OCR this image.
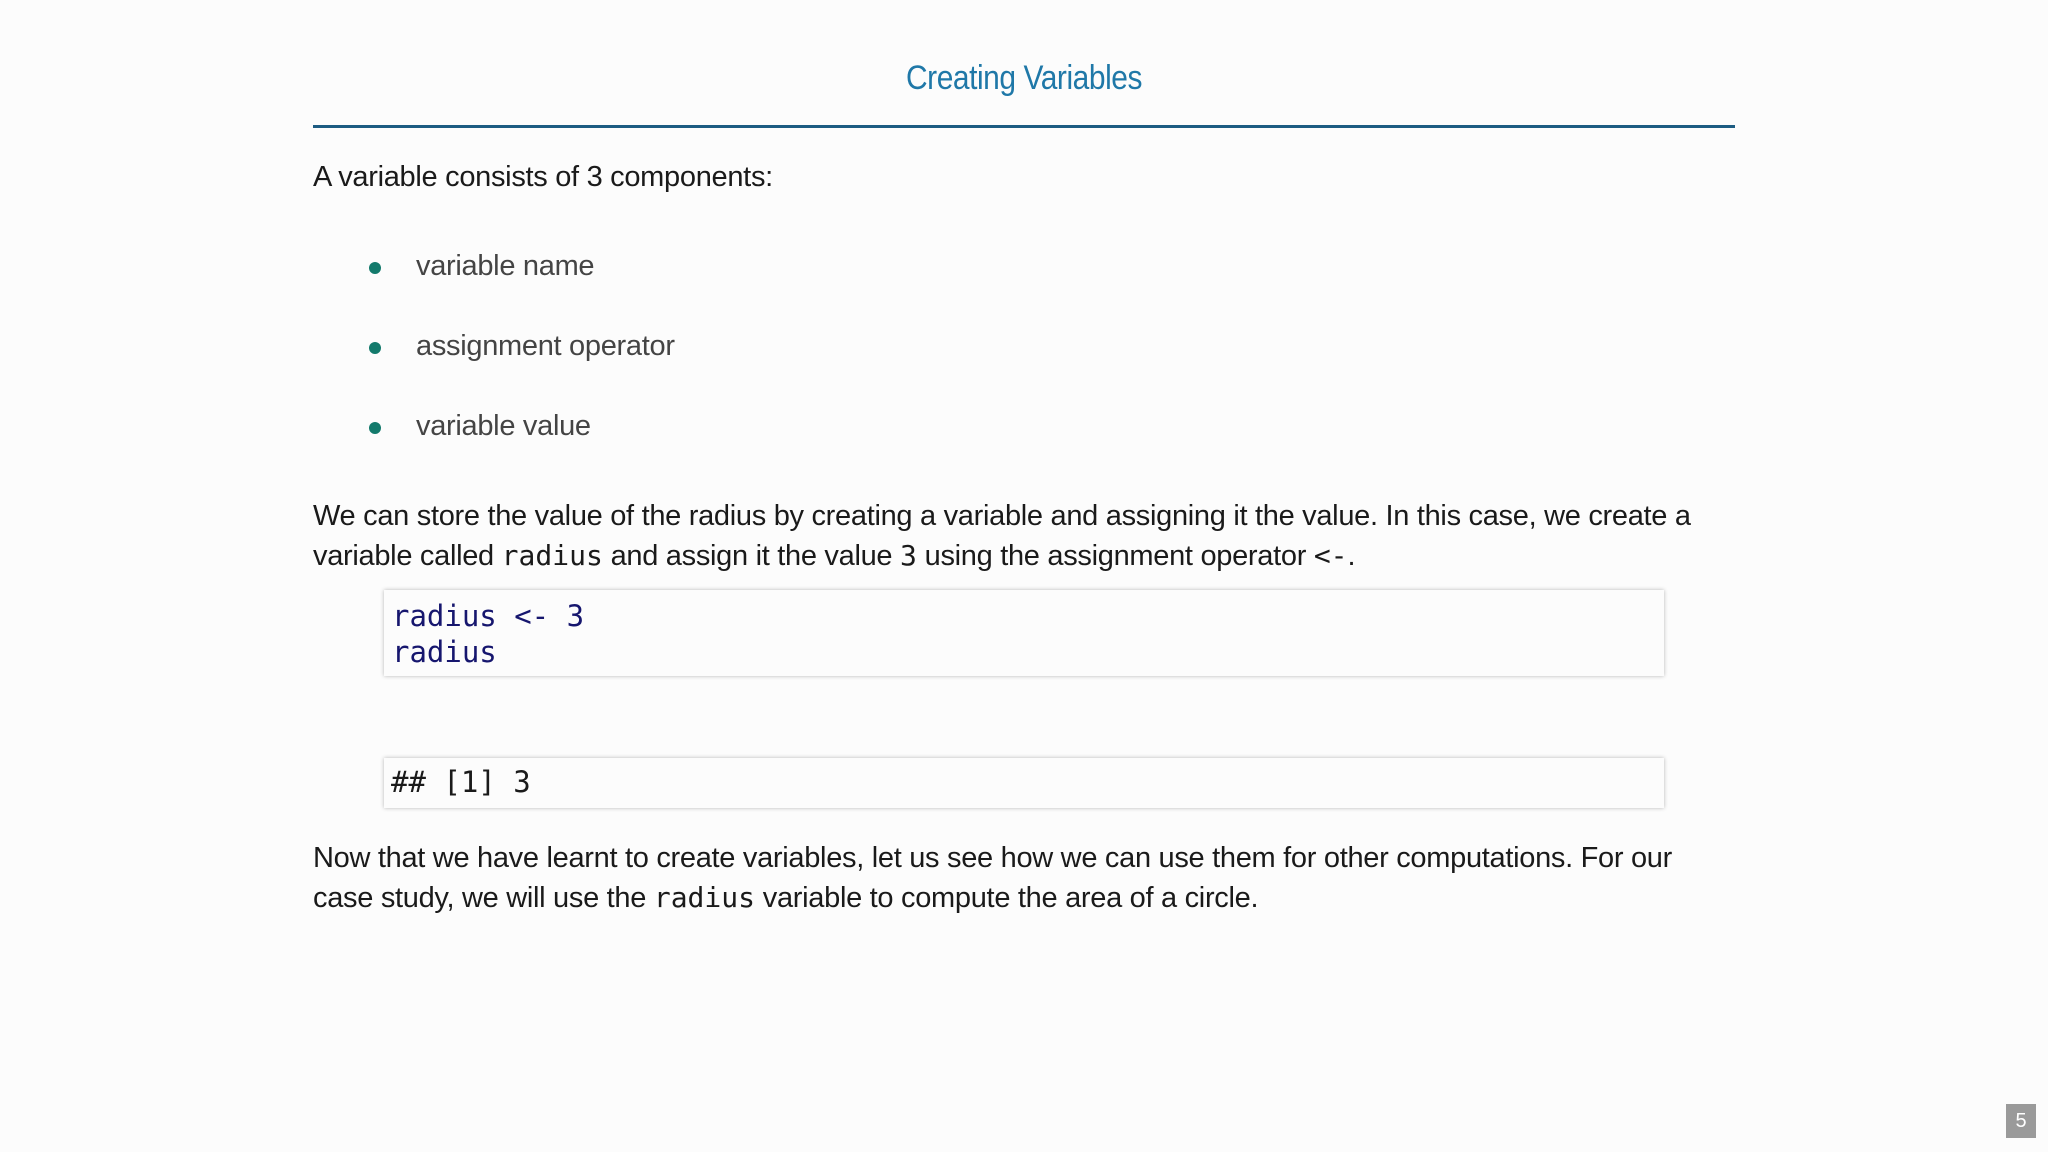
Creating Variables
A variable consists of 3 components:
variable name
assignment operator
variable value
We can store the value of the radius by creating a variable and assigning it the value. In this case, we create a variable called radius and assign it the value 3 using the assignment operator <-.
radius <- 3
radius
## [1] 3
Now that we have learnt to create variables, let us see how we can use them for other computations. For our case study, we will use the radius variable to compute the area of a circle.
5
